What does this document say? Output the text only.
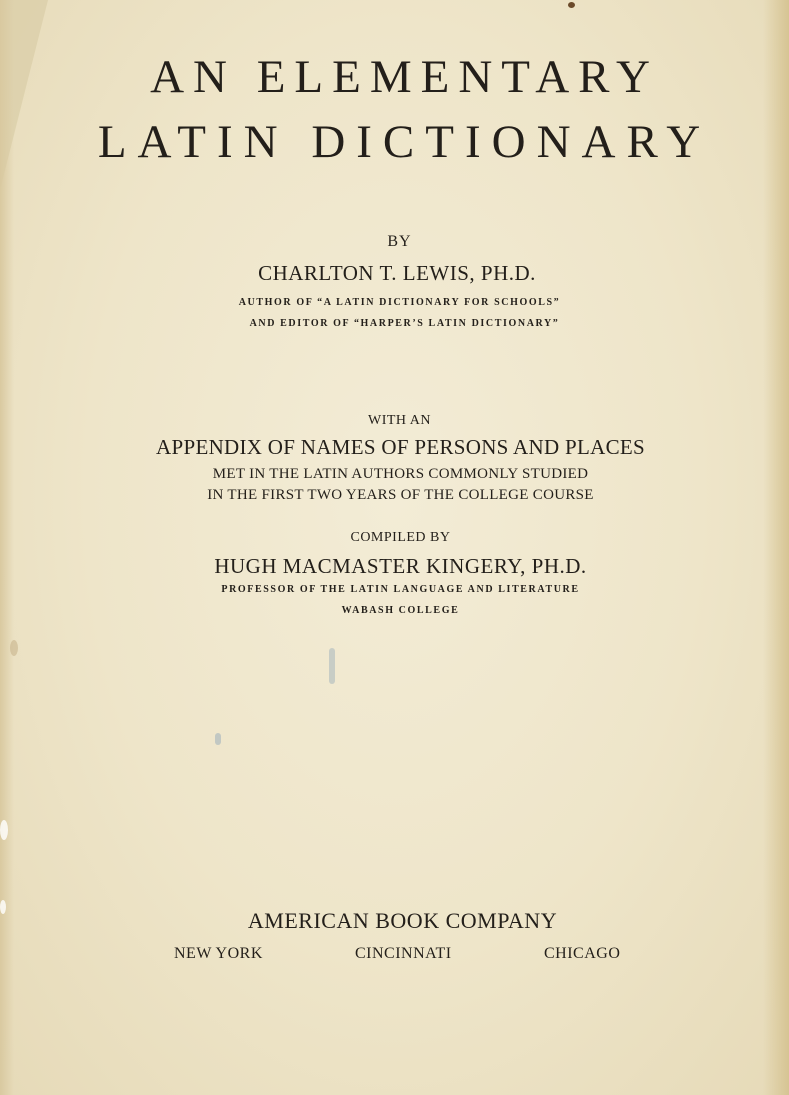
AN ELEMENTARY
LATIN DICTIONARY
BY
CHARLTON T. LEWIS, PH.D.
AUTHOR OF “A LATIN DICTIONARY FOR SCHOOLS”
AND EDITOR OF “HARPER’S LATIN DICTIONARY”
WITH AN
APPENDIX OF NAMES OF PERSONS AND PLACES
MET IN THE LATIN AUTHORS COMMONLY STUDIED
IN THE FIRST TWO YEARS OF THE COLLEGE COURSE
COMPILED BY
HUGH MACMASTER KINGERY, PH.D.
PROFESSOR OF THE LATIN LANGUAGE AND LITERATURE
WABASH COLLEGE
AMERICAN BOOK COMPANY
NEW YORK	CINCINNATI	CHICAGO
